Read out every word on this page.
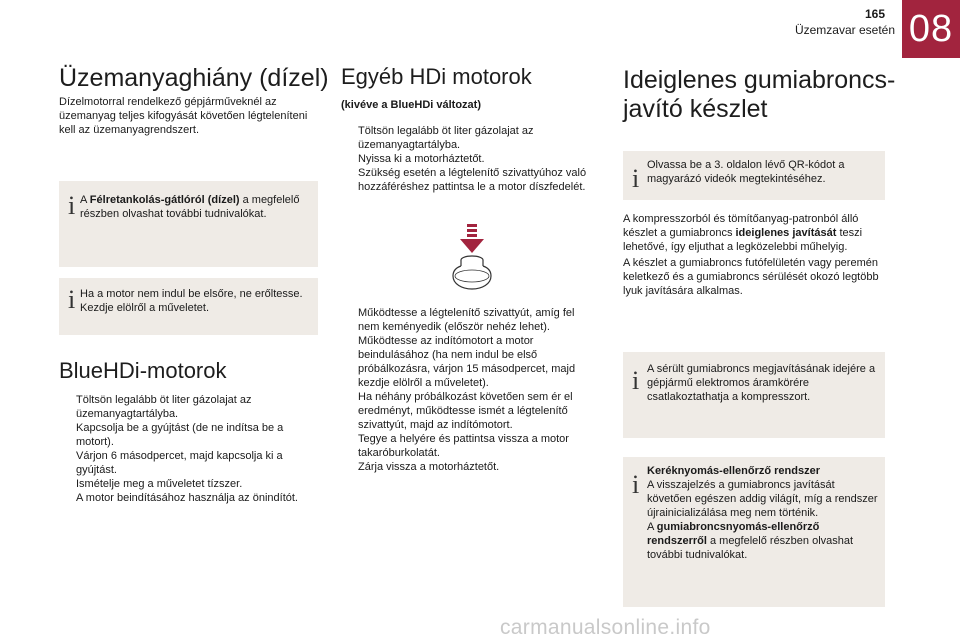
165
Üzemzavar esetén 08
Üzemanyaghiány (dízel)
Dízelmotorral rendelkező gépjárműveknél az üzemanyag teljes kifogyását követően légteleníteni kell az üzemanyagrendszert.
i A Félretankolás-gátlóról (dízel) a megfelelő részben olvashat további tudnivalókat.
i Ha a motor nem indul be elsőre, ne erőltesse. Kezdje elölről a műveletet.
BlueHDi-motorok
Töltsön legalább öt liter gázolajat az üzemanyagtartályba.
Kapcsolja be a gyújtást (de ne indítsa be a motort).
Várjon 6 másodpercet, majd kapcsolja ki a gyújtást.
Ismételje meg a műveletet tízszer.
A motor beindításához használja az önindítót.
Egyéb HDi motorok
(kivéve a BlueHDi változat)
Töltsön legalább öt liter gázolajat az üzemanyagtartályba.
Nyissa ki a motorháztetőt.
Szükség esetén a légtelenítő szivattyúhoz való hozzáféréshez pattintsa le a motor díszfedelét.
Működtesse a légtelenítő szivattyút, amíg fel nem keményedik (először nehéz lehet).
Működtesse az indítómotort a motor beindulásához (ha nem indul be első próbálkozásra, várjon 15 másodpercet, majd kezdje elölről a műveletet).
Ha néhány próbálkozást követően sem ér el eredményt, működtesse ismét a légtelenítő szivattyút, majd az indítómotort.
Tegye a helyére és pattintsa vissza a motor takaróburkolatát.
Zárja vissza a motorháztetőt.
Ideiglenes gumiabroncs-
javító készlet
i Olvassa be a 3. oldalon lévő QR-kódot a magyarázó videók megtekintéséhez.
A kompresszorból és tömítőanyag-patronból álló készlet a gumiabroncs ideiglenes javítását teszi lehetővé, így eljuthat a legközelebbi műhelyig.
A készlet a gumiabroncs futófelületén vagy peremén keletkező és a gumiabroncs sérülését okozó legtöbb lyuk javítására alkalmas.
i A sérült gumiabroncs megjavításának idejére a gépjármű elektromos áramkörére csatlakoztathatja a kompresszort.
i Keréknyomás-ellenőrző rendszer
A visszajelzés a gumiabroncs javítását követően egészen addig világít, míg a rendszer újrainicializálása meg nem történik.
A gumiabroncsnyomás-ellenőrző rendszerről a megfelelő részben olvashat további tudnivalókat.
carmanualsonline.info
